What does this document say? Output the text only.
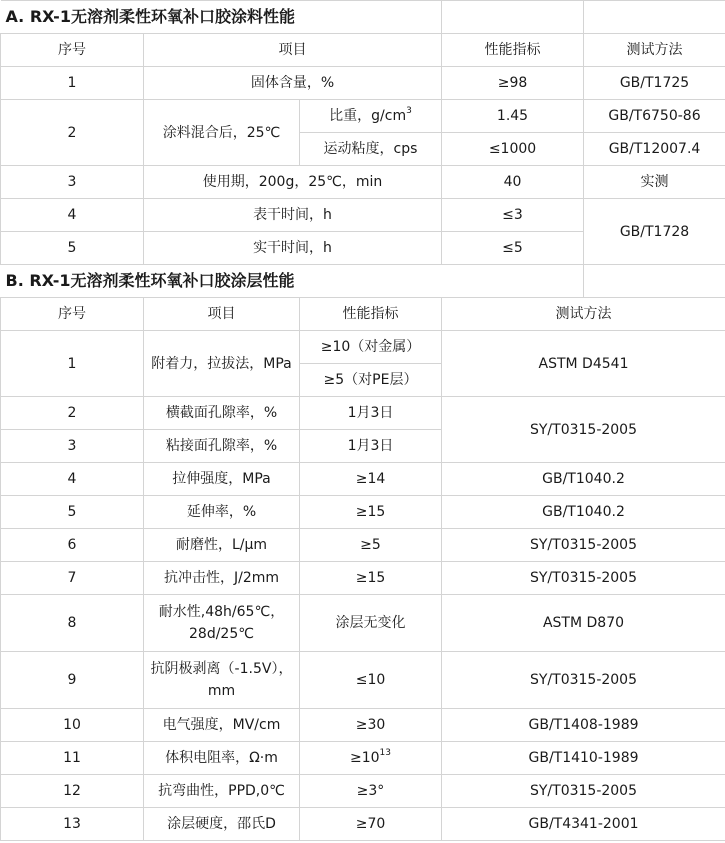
A. RX-1无溶剂柔性环氧补口胶涂料性能				
序号	项目		性能指标	测试方法
1	固体含量，%		≥98	GB/T1725
2	涂料混合后，25℃	比重，$g/cm^3$	1.45	GB/T6750-86
		运动粘度，cps	≤1000	GB/T12007.4
3	使用期，200g，25℃，min		40	实测
4	表干时间，h		≤3	GB/T1728
5	实干时间，h		≤5	
B. RX-1无溶剂柔性环氧补口胶涂层性能				
序号	项目	性能指标	测试方法	
1	附着力，拉拔法，MPa	≥10（对金属）	ASTM D4541	
		≥5（对PE层）		
2	横截面孔隙率，%	1月3日	SY/T0315-2005	
3	粘接面孔隙率，%	1月3日		
4	拉伸强度，MPa	≥14	GB/T1040.2	
5	延伸率，%	≥15	GB/T1040.2	
6	耐磨性，L/μm	≥5	SY/T0315-2005	
7	抗冲击性，J/2mm	≥15	SY/T0315-2005	
8	耐水性,48h/65℃，28d/25℃	涂层无变化	ASTM D870	
9	抗阴极剥离（-1.5V），mm	≤10	SY/T0315-2005	
10	电气强度，MV/cm	≥30	GB/T1408-1989	
11	体积电阻率，Ω·m	$\ge 10^{13}$	GB/T1410-1989	
12	抗弯曲性，PPD,0℃	≥3°	SY/T0315-2005	
13	涂层硬度，邵氏D	≥70	GB/T4341-2001	
